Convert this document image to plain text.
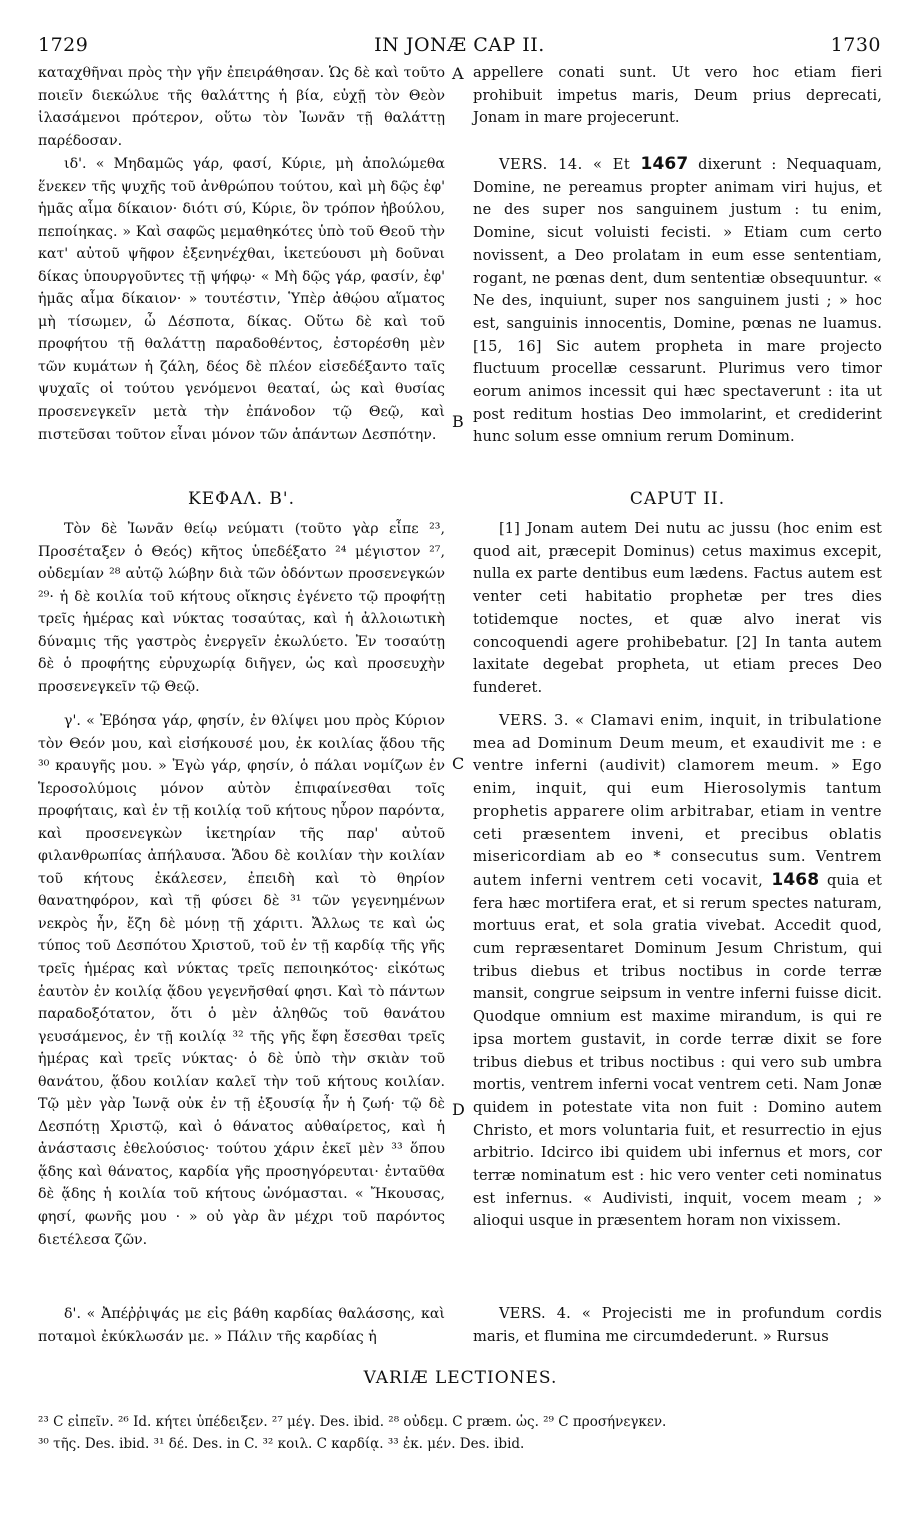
1729	IN JONÆ CAP II.	1730

καταχθῆναι πρὸς τὴν γῆν ἐπειράθησαν. Ὡς δὲ καὶ τοῦτο ποιεῖν διεκώλυε τῆς θαλάττης ἡ βία, εὐχῇ τὸν Θεὸν ἱλασάμενοι πρότερον, οὕτω τὸν Ἰωνᾶν τῇ θαλάττῃ παρέδοσαν.

ιδ'. « Μηδαμῶς γάρ, φασί, Κύριε, μὴ ἀπολώμεθα ἕνεκεν τῆς ψυχῆς τοῦ ἀνθρώπου τούτου, καὶ μὴ δῷς ἐφ' ἡμᾶς αἷμα δίκαιον· διότι σύ, Κύριε, ὃν τρόπον ἠβούλου, πεποίηκας. » Καὶ σαφῶς μεμαθηκότες ὑπὸ τοῦ Θεοῦ τὴν κατ' αὐτοῦ ψῆφον ἐξενηνέχθαι, ἱκετεύουσι μὴ δοῦναι δίκας ὑπουργοῦντες τῇ ψήφῳ· « Μὴ δῷς γάρ, φασίν, ἐφ' ἡμᾶς αἷμα δίκαιον· » τουτέστιν, Ὑπὲρ ἀθῴου αἵματος μὴ τίσωμεν, ὦ Δέσποτα, δίκας. Οὕτω δὲ καὶ τοῦ προφήτου τῇ θαλάττῃ παραδοθέντος, ἐστορέσθη μὲν τῶν κυμάτων ἡ ζάλη, δέος δὲ πλέον εἰσεδέξαντο ταῖς ψυχαῖς οἱ τούτου γενόμενοι θεαταί, ὡς καὶ θυσίας προσενεγκεῖν μετὰ τὴν ἐπάνοδον τῷ Θεῷ, καὶ πιστεῦσαι τοῦτον εἶναι μόνον τῶν ἁπάντων Δεσπότην.

ΚΕΦΑΛ. Β'.

Τὸν δὲ Ἰωνᾶν θείῳ νεύματι (τοῦτο γὰρ εἶπε ²³, Προσέταξεν ὁ Θεός) κῆτος ὑπεδέξατο ²⁴ μέγιστον ²⁷, οὐδεμίαν ²⁸ αὐτῷ λώβην διὰ τῶν ὀδόντων προσενεγκών ²⁹· ἡ δὲ κοιλία τοῦ κήτους οἴκησις ἐγένετο τῷ προφήτῃ τρεῖς ἡμέρας καὶ νύκτας τοσαύτας, καὶ ἡ ἀλλοιωτικὴ δύναμις τῆς γαστρὸς ἐνεργεῖν ἐκωλύετο. Ἐν τοσαύτῃ δὲ ὁ προφήτης εὐρυχωρίᾳ διῆγεν, ὡς καὶ προσευχὴν προσενεγκεῖν τῷ Θεῷ.

γ'. « Ἐβόησα γάρ, φησίν, ἐν θλίψει μου πρὸς Κύριον τὸν Θεόν μου, καὶ εἰσήκουσέ μου, ἐκ κοιλίας ᾅδου τῆς ³⁰ κραυγῆς μου. » Ἐγὼ γάρ, φησίν, ὁ πάλαι νομίζων ἐν Ἱεροσολύμοις μόνον αὐτὸν ἐπιφαίνεσθαι τοῖς προφήταις, καὶ ἐν τῇ κοιλίᾳ τοῦ κήτους ηὗρον παρόντα, καὶ προσενεγκὼν ἱκετηρίαν τῆς παρ' αὐτοῦ φιλανθρωπίας ἀπήλαυσα. Ἅδου δὲ κοιλίαν τὴν κοιλίαν τοῦ κήτους ἐκάλεσεν, ἐπειδὴ καὶ τὸ θηρίον θανατηφόρον, καὶ τῇ φύσει δὲ ³¹ τῶν γεγενημένων νεκρὸς ἦν, ἔζη δὲ μόνῃ τῇ χάριτι. Ἄλλως τε καὶ ὡς τύπος τοῦ Δεσπότου Χριστοῦ, τοῦ ἐν τῇ καρδίᾳ τῆς γῆς τρεῖς ἡμέρας καὶ νύκτας τρεῖς πεποιηκότος· εἰκότως ἑαυτὸν ἐν κοιλίᾳ ᾅδου γεγενῆσθαί φησι. Καὶ τὸ πάντων παραδοξότατον, ὅτι ὁ μὲν ἀληθῶς τοῦ θανάτου γευσάμενος, ἐν τῇ κοιλίᾳ ³² τῆς γῆς ἔφη ἔσεσθαι τρεῖς ἡμέρας καὶ τρεῖς νύκτας· ὁ δὲ ὑπὸ τὴν σκιὰν τοῦ θανάτου, ᾅδου κοιλίαν καλεῖ τὴν τοῦ κήτους κοιλίαν. Τῷ μὲν γὰρ Ἰωνᾷ οὐκ ἐν τῇ ἐξουσίᾳ ἦν ἡ ζωή· τῷ δὲ Δεσπότῃ Χριστῷ, καὶ ὁ θάνατος αὐθαίρετος, καὶ ἡ ἀνάστασις ἐθελούσιος· τούτου χάριν ἐκεῖ μὲν ³³ ὅπου ᾅδης καὶ θάνατος, καρδία γῆς προσηγόρευται· ἐνταῦθα δὲ ᾅδης ἡ κοιλία τοῦ κήτους ὠνόμασται. « Ἤκουσας, φησί, φωνῆς μου · » οὐ γὰρ ἂν μέχρι τοῦ παρόντος διετέλεσα ζῶν.

δ'. « Ἀπέῤῥιψάς με εἰς βάθη καρδίας θαλάσσης, καὶ ποταμοὶ ἐκύκλωσάν με. » Πάλιν τῆς καρδίας ἡ

A
B
C
D

appellere conati sunt. Ut vero hoc etiam fieri prohibuit impetus maris, Deum prius deprecati, Jonam in mare projecerunt.

VERS. 14. « Et 1467 dixerunt : Nequaquam, Domine, ne pereamus propter animam viri hujus, et ne des super nos sanguinem justum : tu enim, Domine, sicut voluisti fecisti. » Etiam cum certo novissent, a Deo prolatam in eum esse sententiam, rogant, ne pœnas dent, dum sententiæ obsequuntur. « Ne des, inquiunt, super nos sanguinem justi ; » hoc est, sanguinis innocentis, Domine, pœnas ne luamus. [15, 16] Sic autem propheta in mare projecto fluctuum procellæ cessarunt. Plurimus vero timor eorum animos incessit qui hæc spectaverunt : ita ut post reditum hostias Deo immolarint, et crediderint hunc solum esse omnium rerum Dominum.

CAPUT II.

[1] Jonam autem Dei nutu ac jussu (hoc enim est quod ait, præcepit Dominus) cetus maximus excepit, nulla ex parte dentibus eum lædens. Factus autem est venter ceti habitatio prophetæ per tres dies totidemque noctes, et quæ alvo inerat vis concoquendi agere prohibebatur. [2] In tanta autem laxitate degebat propheta, ut etiam preces Deo funderet.

VERS. 3. « Clamavi enim, inquit, in tribulatione mea ad Dominum Deum meum, et exaudivit me : e ventre inferni (audivit) clamorem meum. » Ego enim, inquit, qui eum Hierosolymis tantum prophetis apparere olim arbitrabar, etiam in ventre ceti præsentem inveni, et precibus oblatis misericordiam ab eo * consecutus sum. Ventrem autem inferni ventrem ceti vocavit, 1468 quia et fera hæc mortifera erat, et si rerum spectes naturam, mortuus erat, et sola gratia vivebat. Accedit quod, cum repræsentaret Dominum Jesum Christum, qui tribus diebus et tribus noctibus in corde terræ mansit, congrue seipsum in ventre inferni fuisse dicit. Quodque omnium est maxime mirandum, is qui re ipsa mortem gustavit, in corde terræ dixit se fore tribus diebus et tribus noctibus : qui vero sub umbra mortis, ventrem inferni vocat ventrem ceti. Nam Jonæ quidem in potestate vita non fuit : Domino autem Christo, et mors voluntaria fuit, et resurrectio in ejus arbitrio. Idcirco ibi quidem ubi infernus et mors, cor terræ nominatum est : hic vero venter ceti nominatus est infernus. « Audivisti, inquit, vocem meam ; » alioqui usque in præsentem horam non vixissem.

VERS. 4. « Projecisti me in profundum cordis maris, et flumina me circumdederunt. » Rursus

VARIÆ LECTIONES.
²³ C εἰπεῖν. ²⁶ Id. κήτει ὑπέδειξεν. ²⁷ μέγ. Des. ibid. ²⁸ οὐδεμ. C præm. ὡς. ²⁹ C προσήνεγκεν.
³⁰ τῆς. Des. ibid. ³¹ δέ. Des. in C. ³² κοιλ. C καρδίᾳ. ³³ ἐκ. μέν. Des. ibid.
